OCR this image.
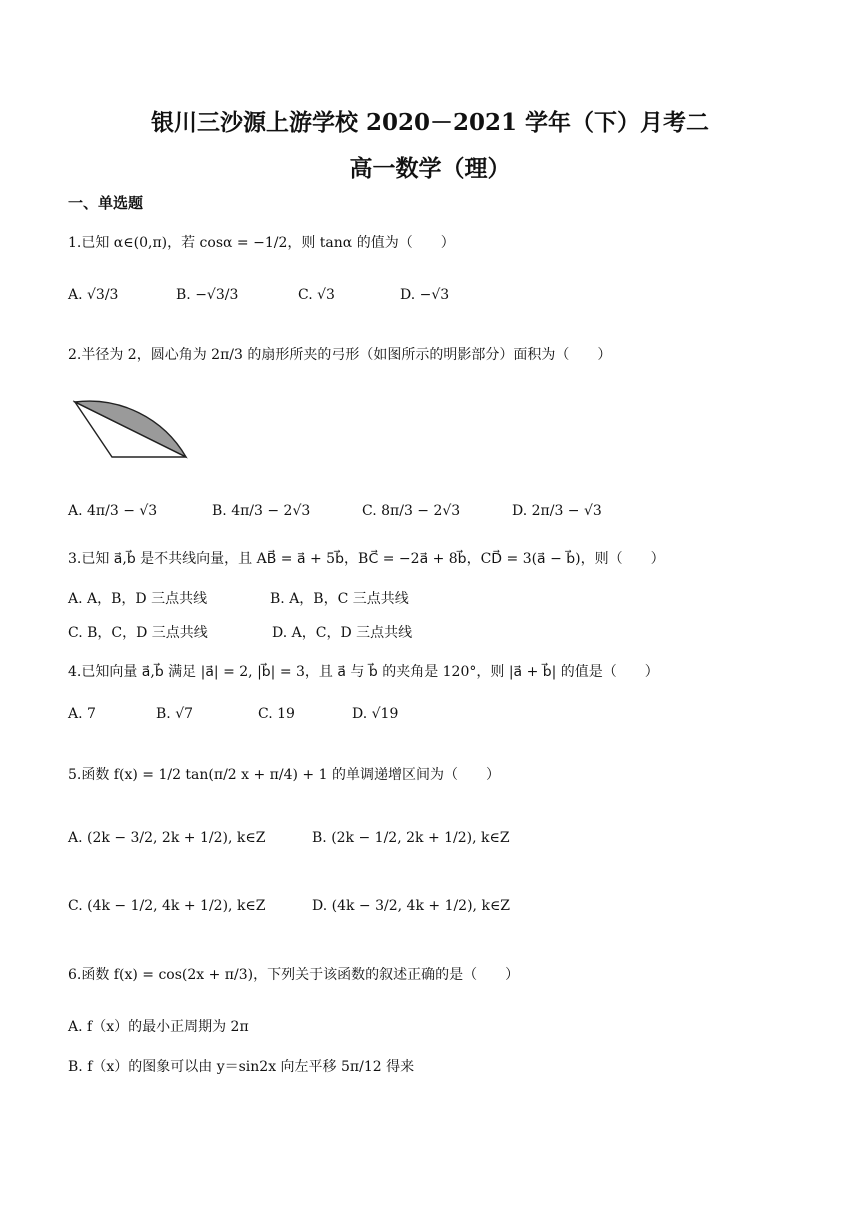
银川三沙源上游学校 2020－2021 学年（下）月考二
高一数学（理）
一、单选题
1.已知 α∈(0,π)，若 cosα = −1/2，则 tanα 的值为（　　）
A. √3/3	B. −√3/3	C. √3	D. −√3
2.半径为 2，圆心角为 2π/3 的扇形所夹的弓形（如图所示的明影部分）面积为（　　）
A. 4π/3 − √3	B. 4π/3 − 2√3	C. 8π/3 − 2√3	D. 2π/3 − √3
3.已知 a⃗,b⃗ 是不共线向量，且 AB⃗ = a⃗ + 5b⃗，BC⃗ = −2a⃗ + 8b⃗，CD⃗ = 3(a⃗ − b⃗)，则（　　）
A. A，B，D 三点共线	B. A，B，C 三点共线
C. B，C，D 三点共线	D. A，C，D 三点共线
4.已知向量 a⃗,b⃗ 满足 |a⃗| = 2, |b⃗| = 3，且 a⃗ 与 b⃗ 的夹角是 120°，则 |a⃗ + b⃗| 的值是（　　）
A. 7	B. √7	C. 19	D. √19
5.函数 f(x) = 1/2 tan(π/2 x + π/4) + 1 的单调递增区间为（　　）
A. (2k − 3/2, 2k + 1/2), k∈Z	B. (2k − 1/2, 2k + 1/2), k∈Z
C. (4k − 1/2, 4k + 1/2), k∈Z	D. (4k − 3/2, 4k + 1/2), k∈Z
6.函数 f(x) = cos(2x + π/3)，下列关于该函数的叙述正确的是（　　）
A. f（x）的最小正周期为 2π
B. f（x）的图象可以由 y＝sin2x 向左平移 5π/12 得来
